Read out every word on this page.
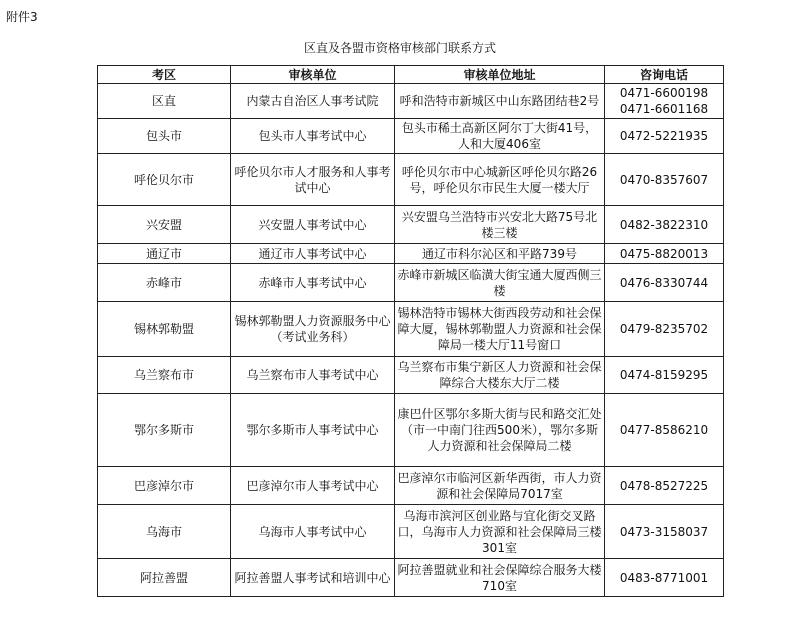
附件3
区直及各盟市资格审核部门联系方式
考区	审核单位	审核单位地址	咨询电话
区直	内蒙古自治区人事考试院	呼和浩特市新城区中山东路团结巷2号	0471-6600198
0471-6601168

包头市	包头市人事考试中心	包头市稀土高新区阿尔丁大街41号，人和大厦406室	0472-5221935

呼伦贝尔市	呼伦贝尔市人才服务和人事考试中心	呼伦贝尔市中心城新区呼伦贝尔路26号，呼伦贝尔市民生大厦一楼大厅	0470-8357607

兴安盟	兴安盟人事考试中心	兴安盟乌兰浩特市兴安北大路75号北楼三楼	0482-3822310

通辽市	通辽市人事考试中心	通辽市科尔沁区和平路739号	0475-8820013

赤峰市	赤峰市人事考试中心	赤峰市新城区临潢大街宝通大厦西侧三楼	0476-8330744

锡林郭勒盟	锡林郭勒盟人力资源服务中心（考试业务科）	锡林浩特市锡林大街西段劳动和社会保障大厦，锡林郭勒盟人力资源和社会保障局一楼大厅11号窗口	0479-8235702

乌兰察布市	乌兰察布市人事考试中心	乌兰察布市集宁新区人力资源和社会保障综合大楼东大厅二楼	0474-8159295

鄂尔多斯市	鄂尔多斯市人事考试中心	康巴什区鄂尔多斯大街与民和路交汇处（市一中南门往西500米），鄂尔多斯人力资源和社会保障局二楼	0477-8586210

巴彦淖尔市	巴彦淖尔市人事考试中心	巴彦淖尔市临河区新华西街，市人力资源和社会保障局7017室	0478-8527225

乌海市	乌海市人事考试中心	乌海市滨河区创业路与宜化街交叉路口，乌海市人力资源和社会保障局三楼301室	0473-3158037

阿拉善盟	阿拉善盟人事考试和培训中心	阿拉善盟就业和社会保障综合服务大楼710室	0483-8771001
